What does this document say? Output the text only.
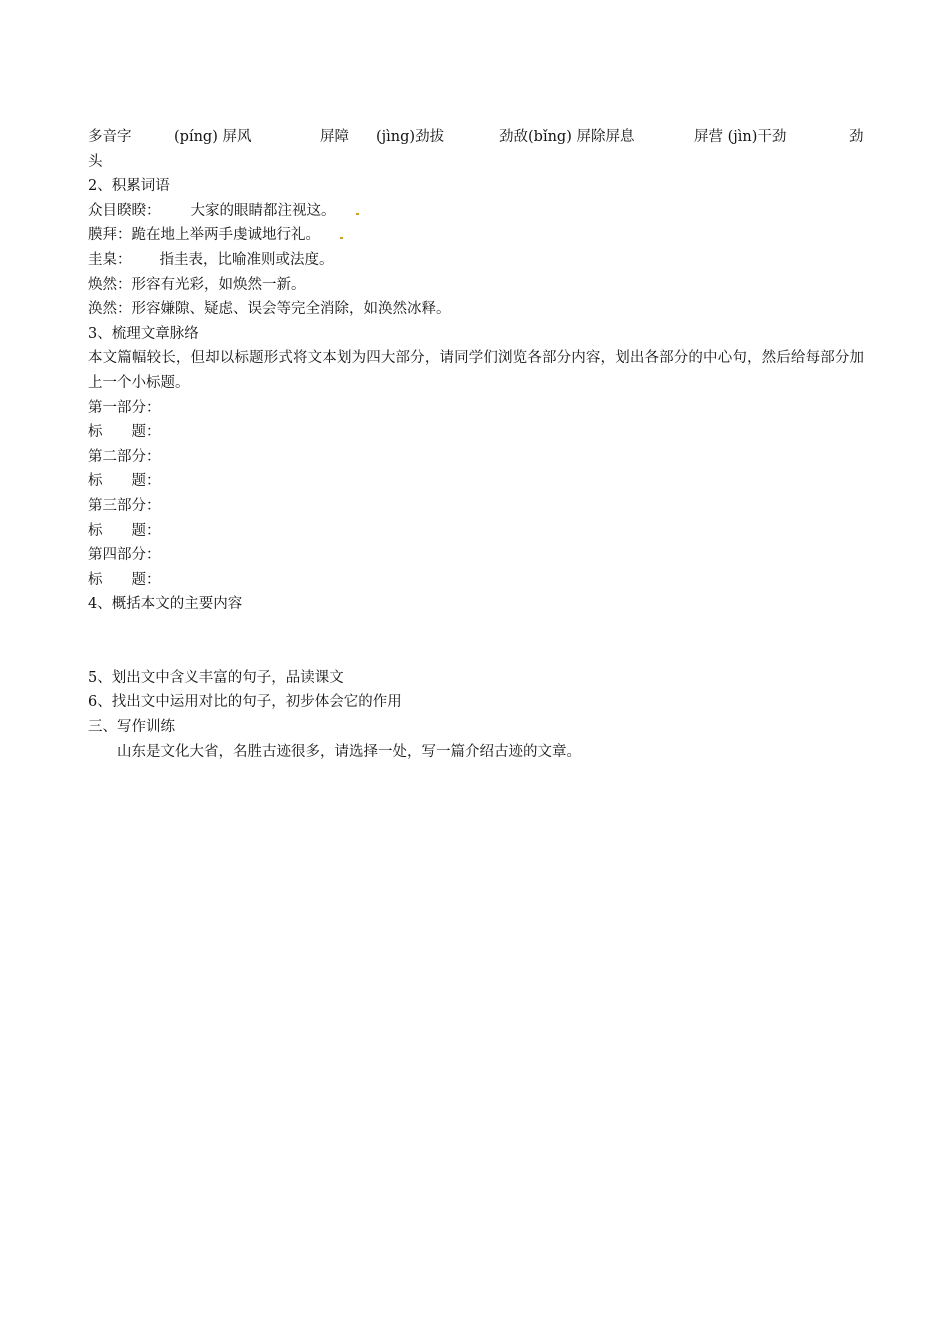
多音字	(píng) 屏风	屏障 (jìng)劲拔	劲敌(bǐng) 屏除屏息	屏营 (jìn)干劲	劲
头
2、积累词语
众目睽睽： 大家的眼睛都注视这。
膜拜：跪在地上举两手虔诚地行礼。
圭臬： 指圭表，比喻准则或法度。
焕然：形容有光彩，如焕然一新。
涣然：形容嫌隙、疑虑、误会等完全消除，如涣然冰释。
3、梳理文章脉络
本文篇幅较长，但却以标题形式将文本划为四大部分，请同学们浏览各部分内容，划出各部分的中心句，然后给每部分加上一个小标题。
第一部分：
标 题：
第二部分：
标 题：
第三部分：
标 题：
第四部分：
标 题：
4、概括本文的主要内容
5、划出文中含义丰富的句子，品读课文
6、找出文中运用对比的句子，初步体会它的作用
三、写作训练
山东是文化大省，名胜古迹很多，请选择一处，写一篇介绍古迹的文章。
